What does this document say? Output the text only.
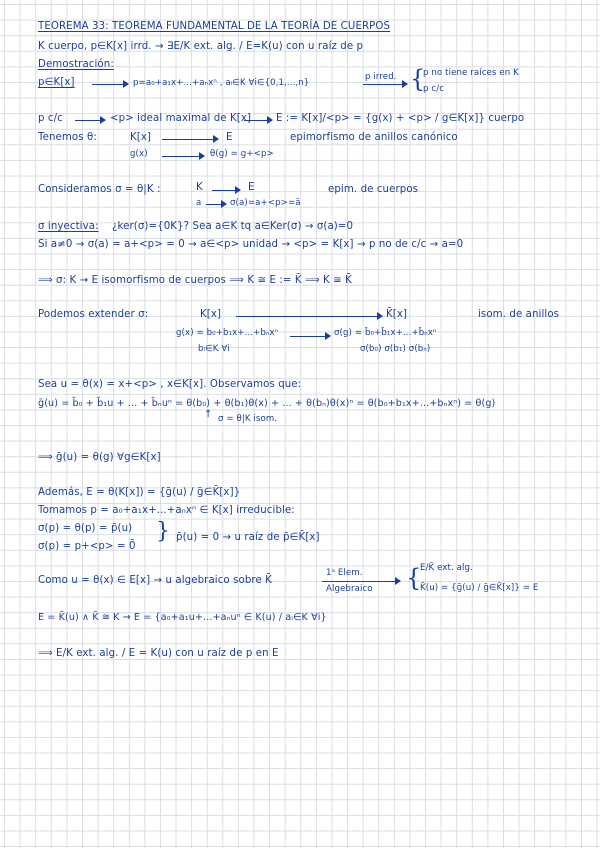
TEOREMA 33: TEOREMA FUNDAMENTAL DE LA TEORÍA DE CUERPOS
K cuerpo, p∈K[x] irrd. → ∃E/K ext. alg. / E=K(u) con u raíz de p
Demostración:
p∈K[x]	p=a₀+a₁x+...+aₙxⁿ , aᵢ∈K ∀i∈{0,1,...,n}
p irred. {
p no tiene raíces en K
p c/c
p c/c	<p> ideal maximal de K[x] E := K[x]/<p> = {g(x) + <p> / g∈K[x]} cuerpo
Tenemos θ:	K[x]	E	epimorfismo de anillos canónico
g(x)	θ(g) = g+<p>
Consideramos σ = θ|K :	K	E	epim. de cuerpos
a	σ(a)=a+<p>=ā
σ inyectiva: ¿ker(σ)={0K}? Sea a∈K tq a∈Ker(σ) → σ(a)=0
Si a≠0 → σ(a) = a+<p> = 0 → a∈<p> unidad → <p> = K[x] → p no de c/c → a=0
⟹ σ: K → E isomorfismo de cuerpos ⟹ K ≅ E := K̄ ⟹ K ≅ K̄
Podemos extender σ:	K[x]	K̄[x]	isom. de anillos
g(x) = b₀+b₁x+...+bₙxⁿ	σ(g) = b̄₀+b̄₁x+...+b̄ₙxⁿ
bᵢ∈K ∀i	σ(b₀) σ(b₁) σ(bₙ)
Sea u = θ(x) = x+<p> , x∈K[x]. Observamos que:
ḡ(u) = b̄₀ + b̄₁u + ... + b̄ₙuⁿ = θ(b₀) + θ(b₁)θ(x) + ... + θ(bₙ)θ(x)ⁿ = θ(b₀+b₁x+...+bₙxⁿ) = θ(g)
↑ σ = θ|K isom.
⟹ ḡ(u) = θ(g) ∀g∈K[x]
Además, E = θ(K[x]) = {ḡ(u) / ḡ∈K̄[x]}
Tomamos p = a₀+a₁x+...+aₙxⁿ ∈ K[x] irreducible:
σ(p) = θ(p) = p̄(u)
σ(p) = p+<p> = 0̄
} p̄(u) = 0 → u raíz de p̄∈K̄[x]
Como u = θ(x) ∈ E[x] → u algebraico sobre K̄
1ᵃ Elem.
Algebraico {
E/K̄ ext. alg.
K̄(u) = {ḡ(u) / ḡ∈K̄[x]} = E
E = K̄(u) ∧ K̄ ≅ K → E = {a₀+a₁u+...+aₙuⁿ ∈ K(u) / aᵢ∈K ∀i}
⟹ E/K ext. alg. / E = K(u) con u raíz de p en E
